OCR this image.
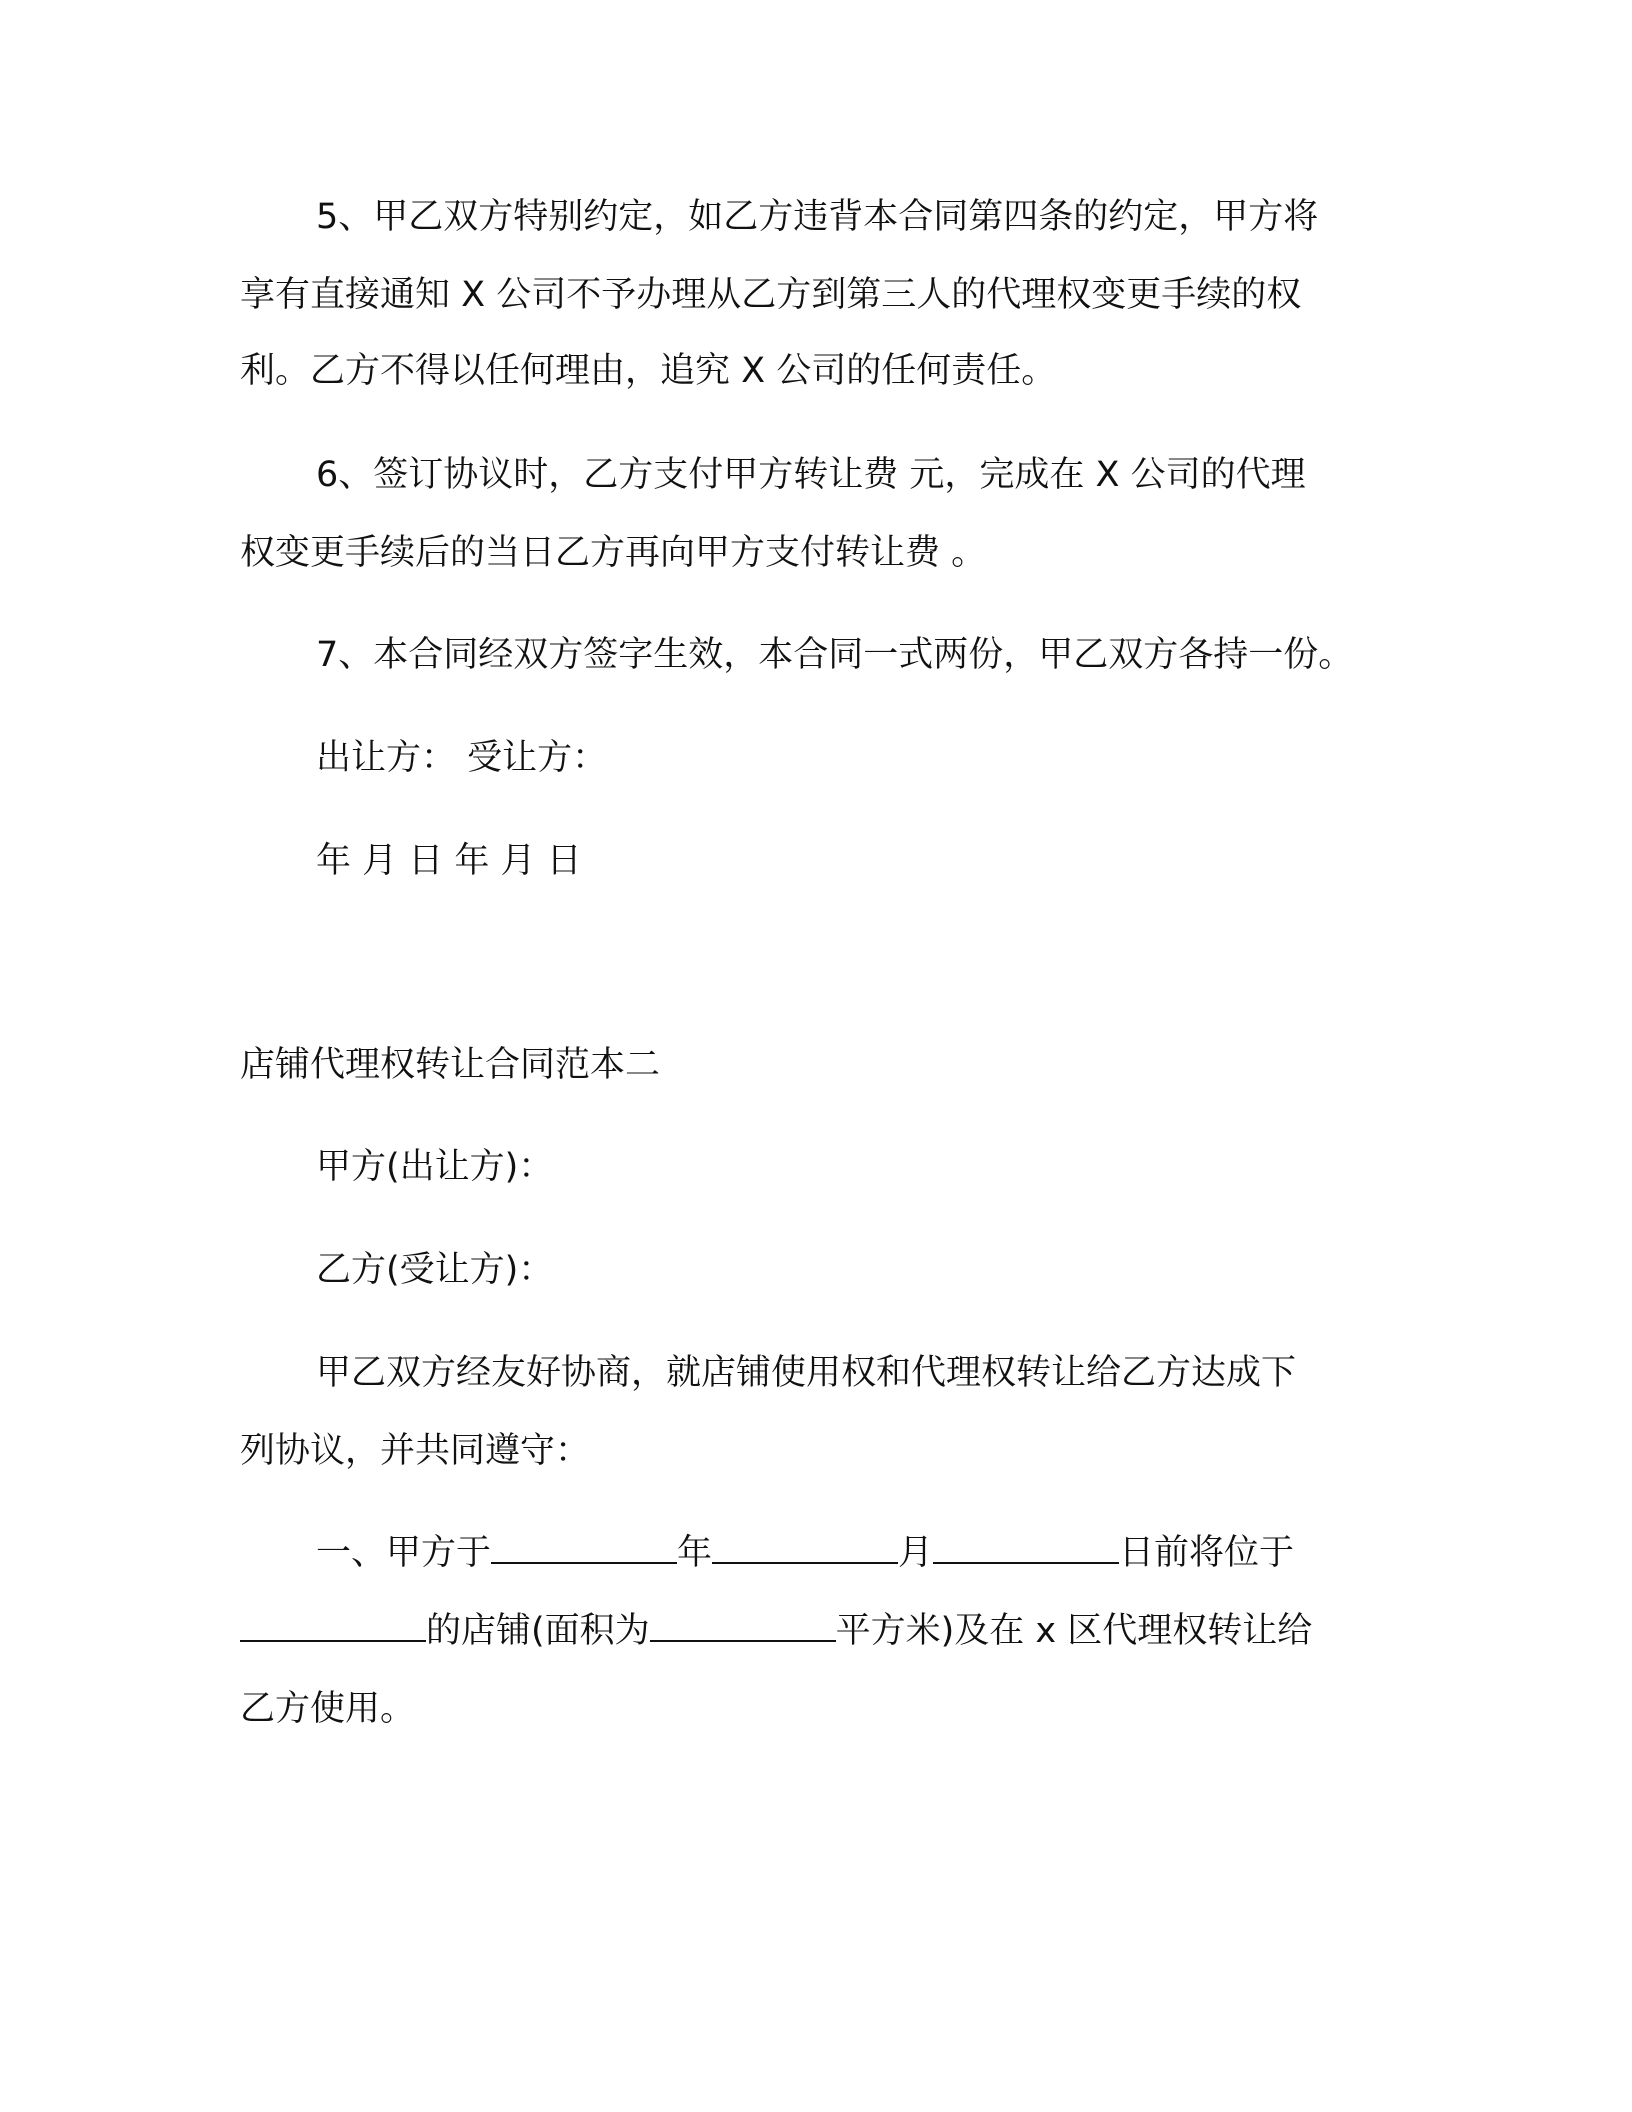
5、甲乙双方特别约定，如乙方违背本合同第四条的约定，甲方将
享有直接通知 X 公司不予办理从乙方到第三人的代理权变更手续的权
利。乙方不得以任何理由，追究 X 公司的任何责任。
6、签订协议时，乙方支付甲方转让费 元，完成在 X 公司的代理
权变更手续后的当日乙方再向甲方支付转让费 。
7、本合同经双方签字生效，本合同一式两份，甲乙双方各持一份。
出让方： 受让方：
年 月 日 年 月 日
店铺代理权转让合同范本二
甲方(出让方)：
乙方(受让方)：
甲乙双方经友好协商，就店铺使用权和代理权转让给乙方达成下
列协议，并共同遵守：
一、甲方于	年	月	日前将位于
的店铺(面积为	平方米)及在 x 区代理权转让给
乙方使用。
